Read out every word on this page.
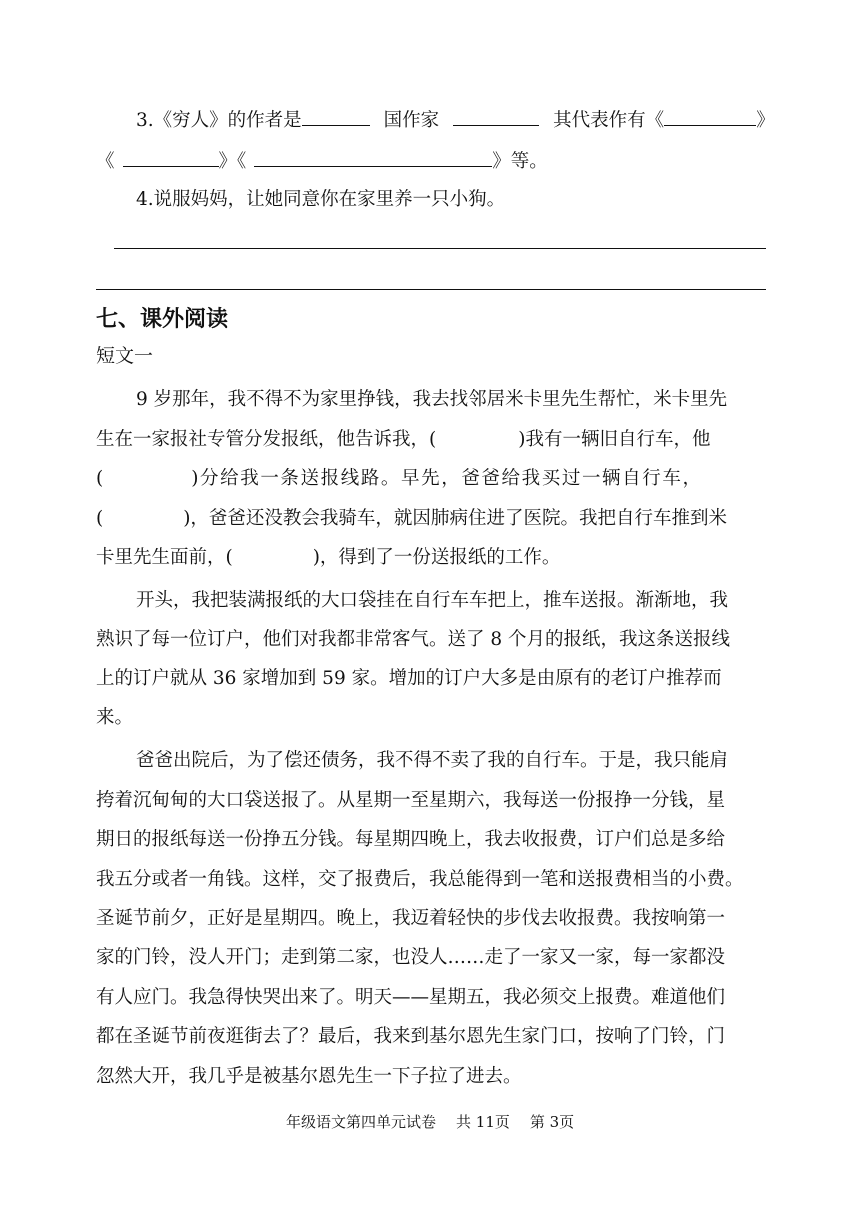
3.《穷人》的作者是	国作家	其代表作有《	》
《	》《	》等。
4.说服妈妈，让她同意你在家里养一只小狗。
七、课外阅读
短文一
9 岁那年，我不得不为家里挣钱，我去找邻居米卡里先生帮忙，米卡里先
生在一家报社专管分发报纸，他告诉我，(	)我有一辆旧自行车，他
(	)分给我一条送报线路。早先，爸爸给我买过一辆自行车，
(	)，爸爸还没教会我骑车，就因肺病住进了医院。我把自行车推到米
卡里先生面前，(	)，得到了一份送报纸的工作。
开头，我把装满报纸的大口袋挂在自行车车把上，推车送报。渐渐地，我
熟识了每一位订户，他们对我都非常客气。送了 8 个月的报纸，我这条送报线
上的订户就从 36 家增加到 59 家。增加的订户大多是由原有的老订户推荐而
来。
爸爸出院后，为了偿还债务，我不得不卖了我的自行车。于是，我只能肩
挎着沉甸甸的大口袋送报了。从星期一至星期六，我每送一份报挣一分钱，星
期日的报纸每送一份挣五分钱。每星期四晚上，我去收报费，订户们总是多给
我五分或者一角钱。这样，交了报费后，我总能得到一笔和送报费相当的小费。
圣诞节前夕，正好是星期四。晚上，我迈着轻快的步伐去收报费。我按响第一
家的门铃，没人开门；走到第二家，也没人……走了一家又一家，每一家都没
有人应门。我急得快哭出来了。明天——星期五，我必须交上报费。难道他们
都在圣诞节前夜逛街去了？最后，我来到基尔恩先生家门口，按响了门铃，门
忽然大开，我几乎是被基尔恩先生一下子拉了进去。
年级语文第四单元试卷 共 11页 第 3页
